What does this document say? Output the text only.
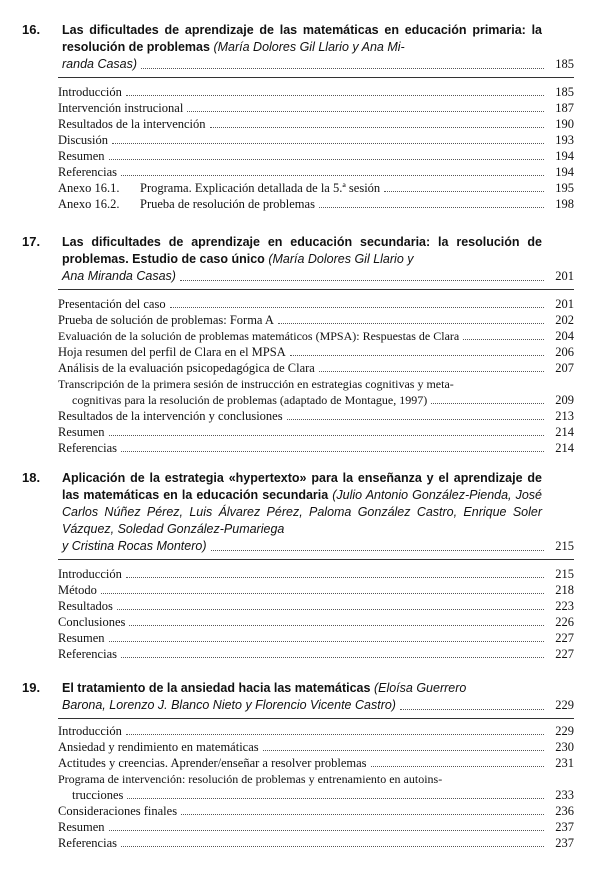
16. Las dificultades de aprendizaje de las matemáticas en educación primaria: la resolución de problemas (María Dolores Gil Llario y Ana Mi-
randa Casas)	185
Introducción	185
Intervención instrucional	187
Resultados de la intervención	190
Discusión	193
Resumen	194
Referencias	194
Anexo 16.1. Programa. Explicación detallada de la 5.ª sesión	195
Anexo 16.2. Prueba de resolución de problemas	198
17. Las dificultades de aprendizaje en educación secundaria: la resolución de problemas. Estudio de caso único (María Dolores Gil Llario y
Ana Miranda Casas)	201
Presentación del caso	201
Prueba de solución de problemas: Forma A	202
Evaluación de la solución de problemas matemáticos (MPSA): Respuestas de Clara	204
Hoja resumen del perfil de Clara en el MPSA	206
Análisis de la evaluación psicopedagógica de Clara	207
Transcripción de la primera sesión de instrucción en estrategias cognitivas y meta-
cognitivas para la resolución de problemas (adaptado de Montague, 1997)	209
Resultados de la intervención y conclusiones	213
Resumen	214
Referencias	214
18. Aplicación de la estrategia «hypertexto» para la enseñanza y el aprendizaje de las matemáticas en la educación secundaria (Julio Antonio González-Pienda, José Carlos Núñez Pérez, Luis Álvarez Pérez, Paloma González Castro, Enrique Soler Vázquez, Soledad González-Pumariega
y Cristina Rocas Montero)	215
Introducción	215
Método	218
Resultados	223
Conclusiones	226
Resumen	227
Referencias	227
19. El tratamiento de la ansiedad hacia las matemáticas (Eloísa Guerrero
Barona, Lorenzo J. Blanco Nieto y Florencio Vicente Castro)	229
Introducción	229
Ansiedad y rendimiento en matemáticas	230
Actitudes y creencias. Aprender/enseñar a resolver problemas	231
Programa de intervención: resolución de problemas y entrenamiento en autoins-
trucciones	233
Consideraciones finales	236
Resumen	237
Referencias	237
